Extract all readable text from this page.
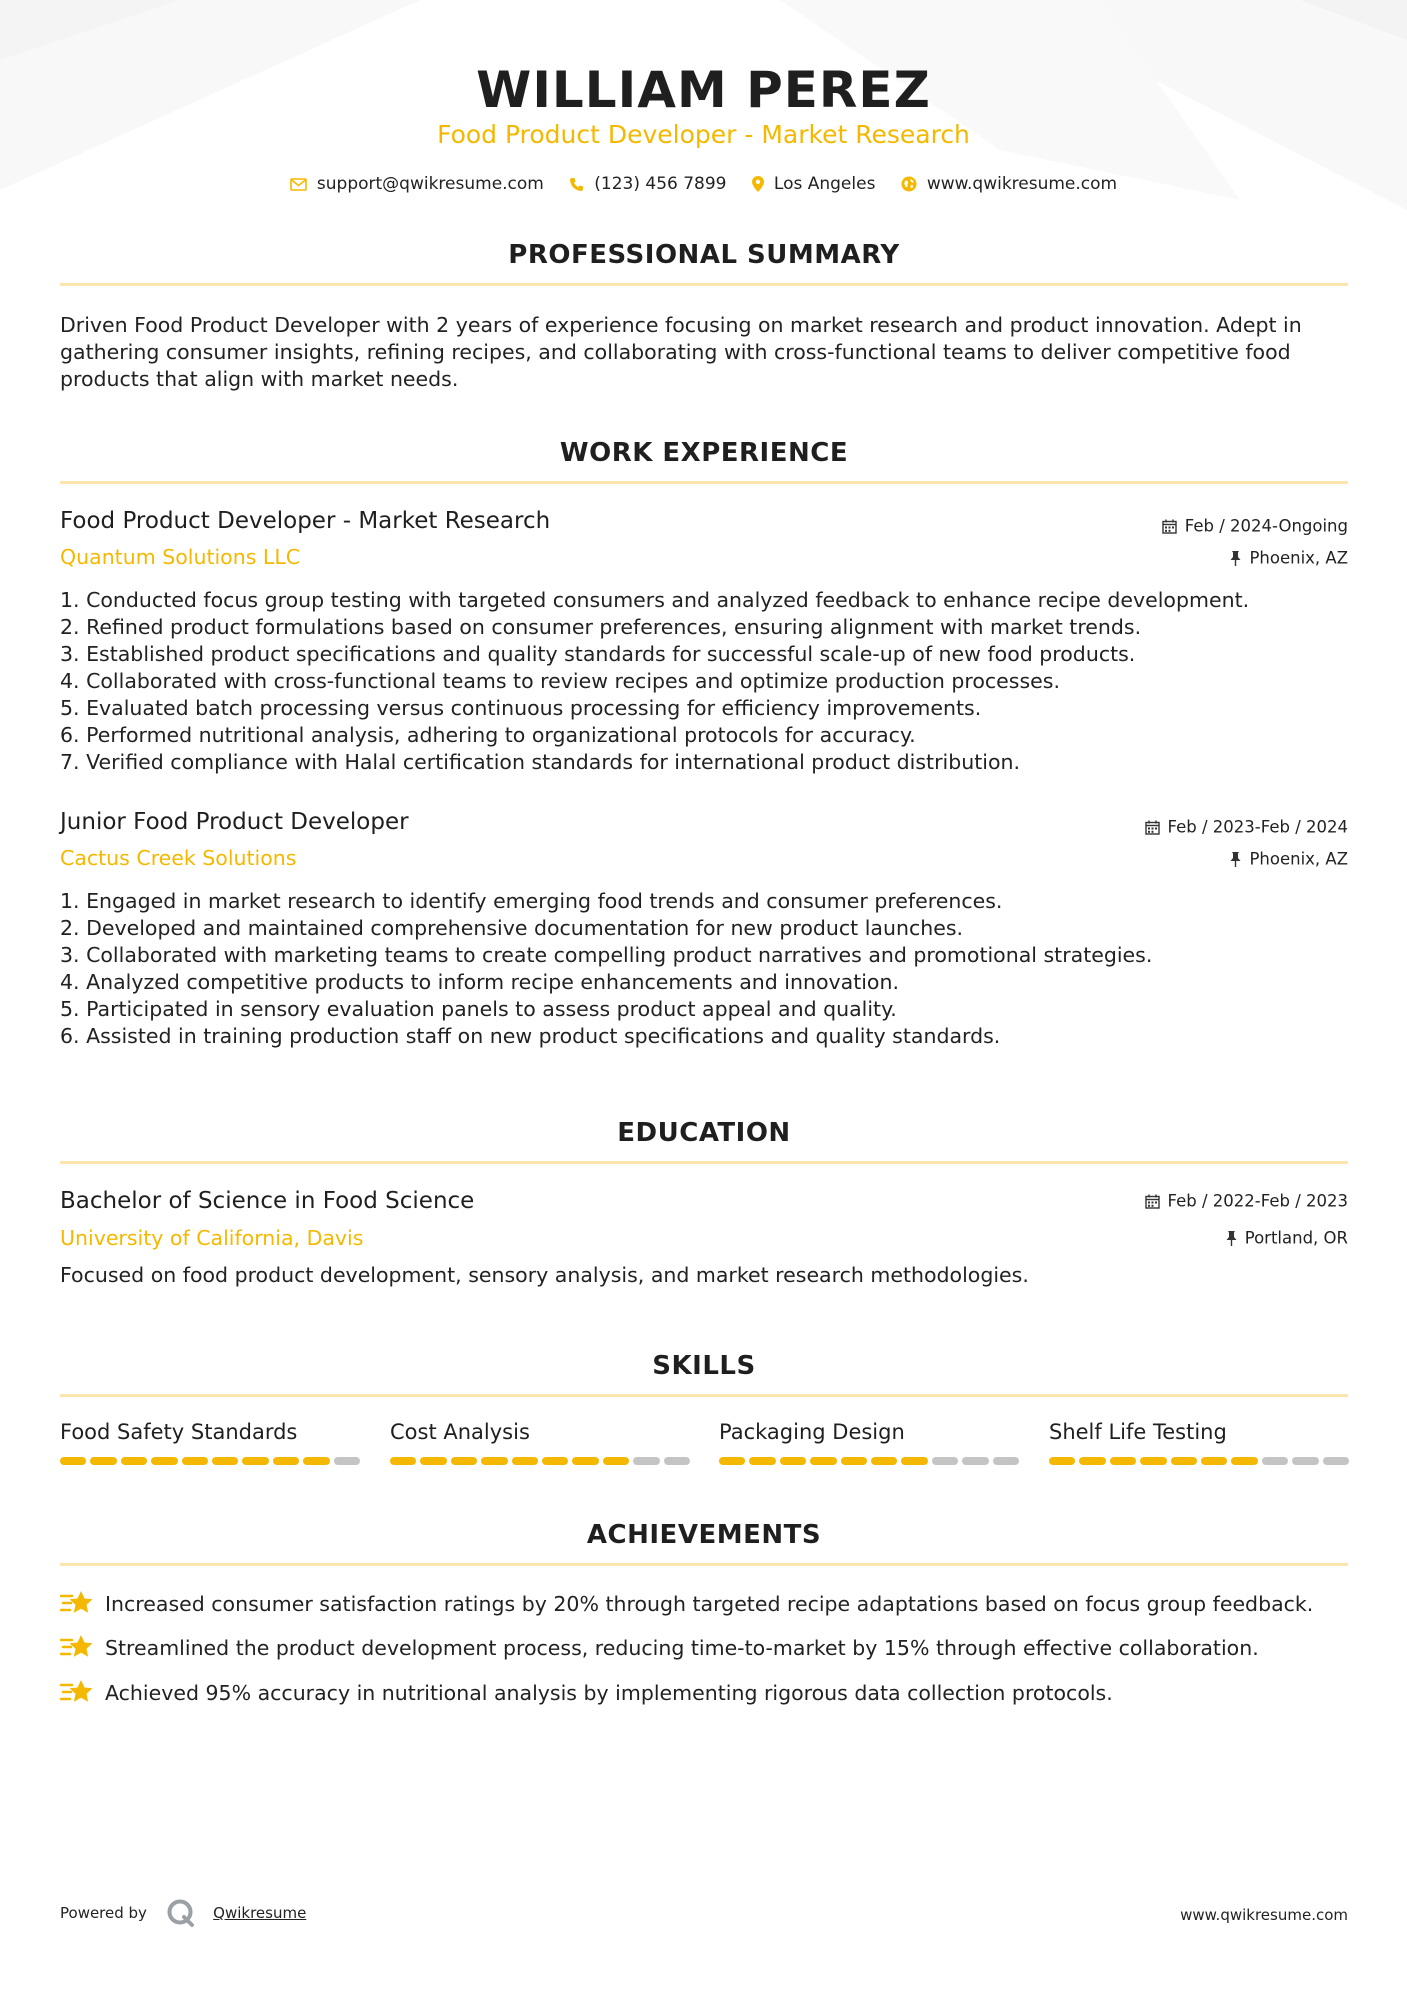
WILLIAM PEREZ
Food Product Developer - Market Research
support@qwikresume.com	(123) 456 7899	Los Angeles	www.qwikresume.com
PROFESSIONAL SUMMARY
Driven Food Product Developer with 2 years of experience focusing on market research and product innovation. Adept in gathering consumer insights, refining recipes, and collaborating with cross-functional teams to deliver competitive food products that align with market needs.
WORK EXPERIENCE
Food Product Developer - Market Research	Feb / 2024-Ongoing
Quantum Solutions LLC	Phoenix, AZ
1. Conducted focus group testing with targeted consumers and analyzed feedback to enhance recipe development.
2. Refined product formulations based on consumer preferences, ensuring alignment with market trends.
3. Established product specifications and quality standards for successful scale-up of new food products.
4. Collaborated with cross-functional teams to review recipes and optimize production processes.
5. Evaluated batch processing versus continuous processing for efficiency improvements.
6. Performed nutritional analysis, adhering to organizational protocols for accuracy.
7. Verified compliance with Halal certification standards for international product distribution.
Junior Food Product Developer	Feb / 2023-Feb / 2024
Cactus Creek Solutions	Phoenix, AZ
1. Engaged in market research to identify emerging food trends and consumer preferences.
2. Developed and maintained comprehensive documentation for new product launches.
3. Collaborated with marketing teams to create compelling product narratives and promotional strategies.
4. Analyzed competitive products to inform recipe enhancements and innovation.
5. Participated in sensory evaluation panels to assess product appeal and quality.
6. Assisted in training production staff on new product specifications and quality standards.
EDUCATION
Bachelor of Science in Food Science	Feb / 2022-Feb / 2023
University of California, Davis	Portland, OR
Focused on food product development, sensory analysis, and market research methodologies.
SKILLS
Food Safety Standards	Cost Analysis	Packaging Design	Shelf Life Testing
ACHIEVEMENTS
Increased consumer satisfaction ratings by 20% through targeted recipe adaptations based on focus group feedback.
Streamlined the product development process, reducing time-to-market by 15% through effective collaboration.
Achieved 95% accuracy in nutritional analysis by implementing rigorous data collection protocols.
Powered by	Qwikresume	www.qwikresume.com
